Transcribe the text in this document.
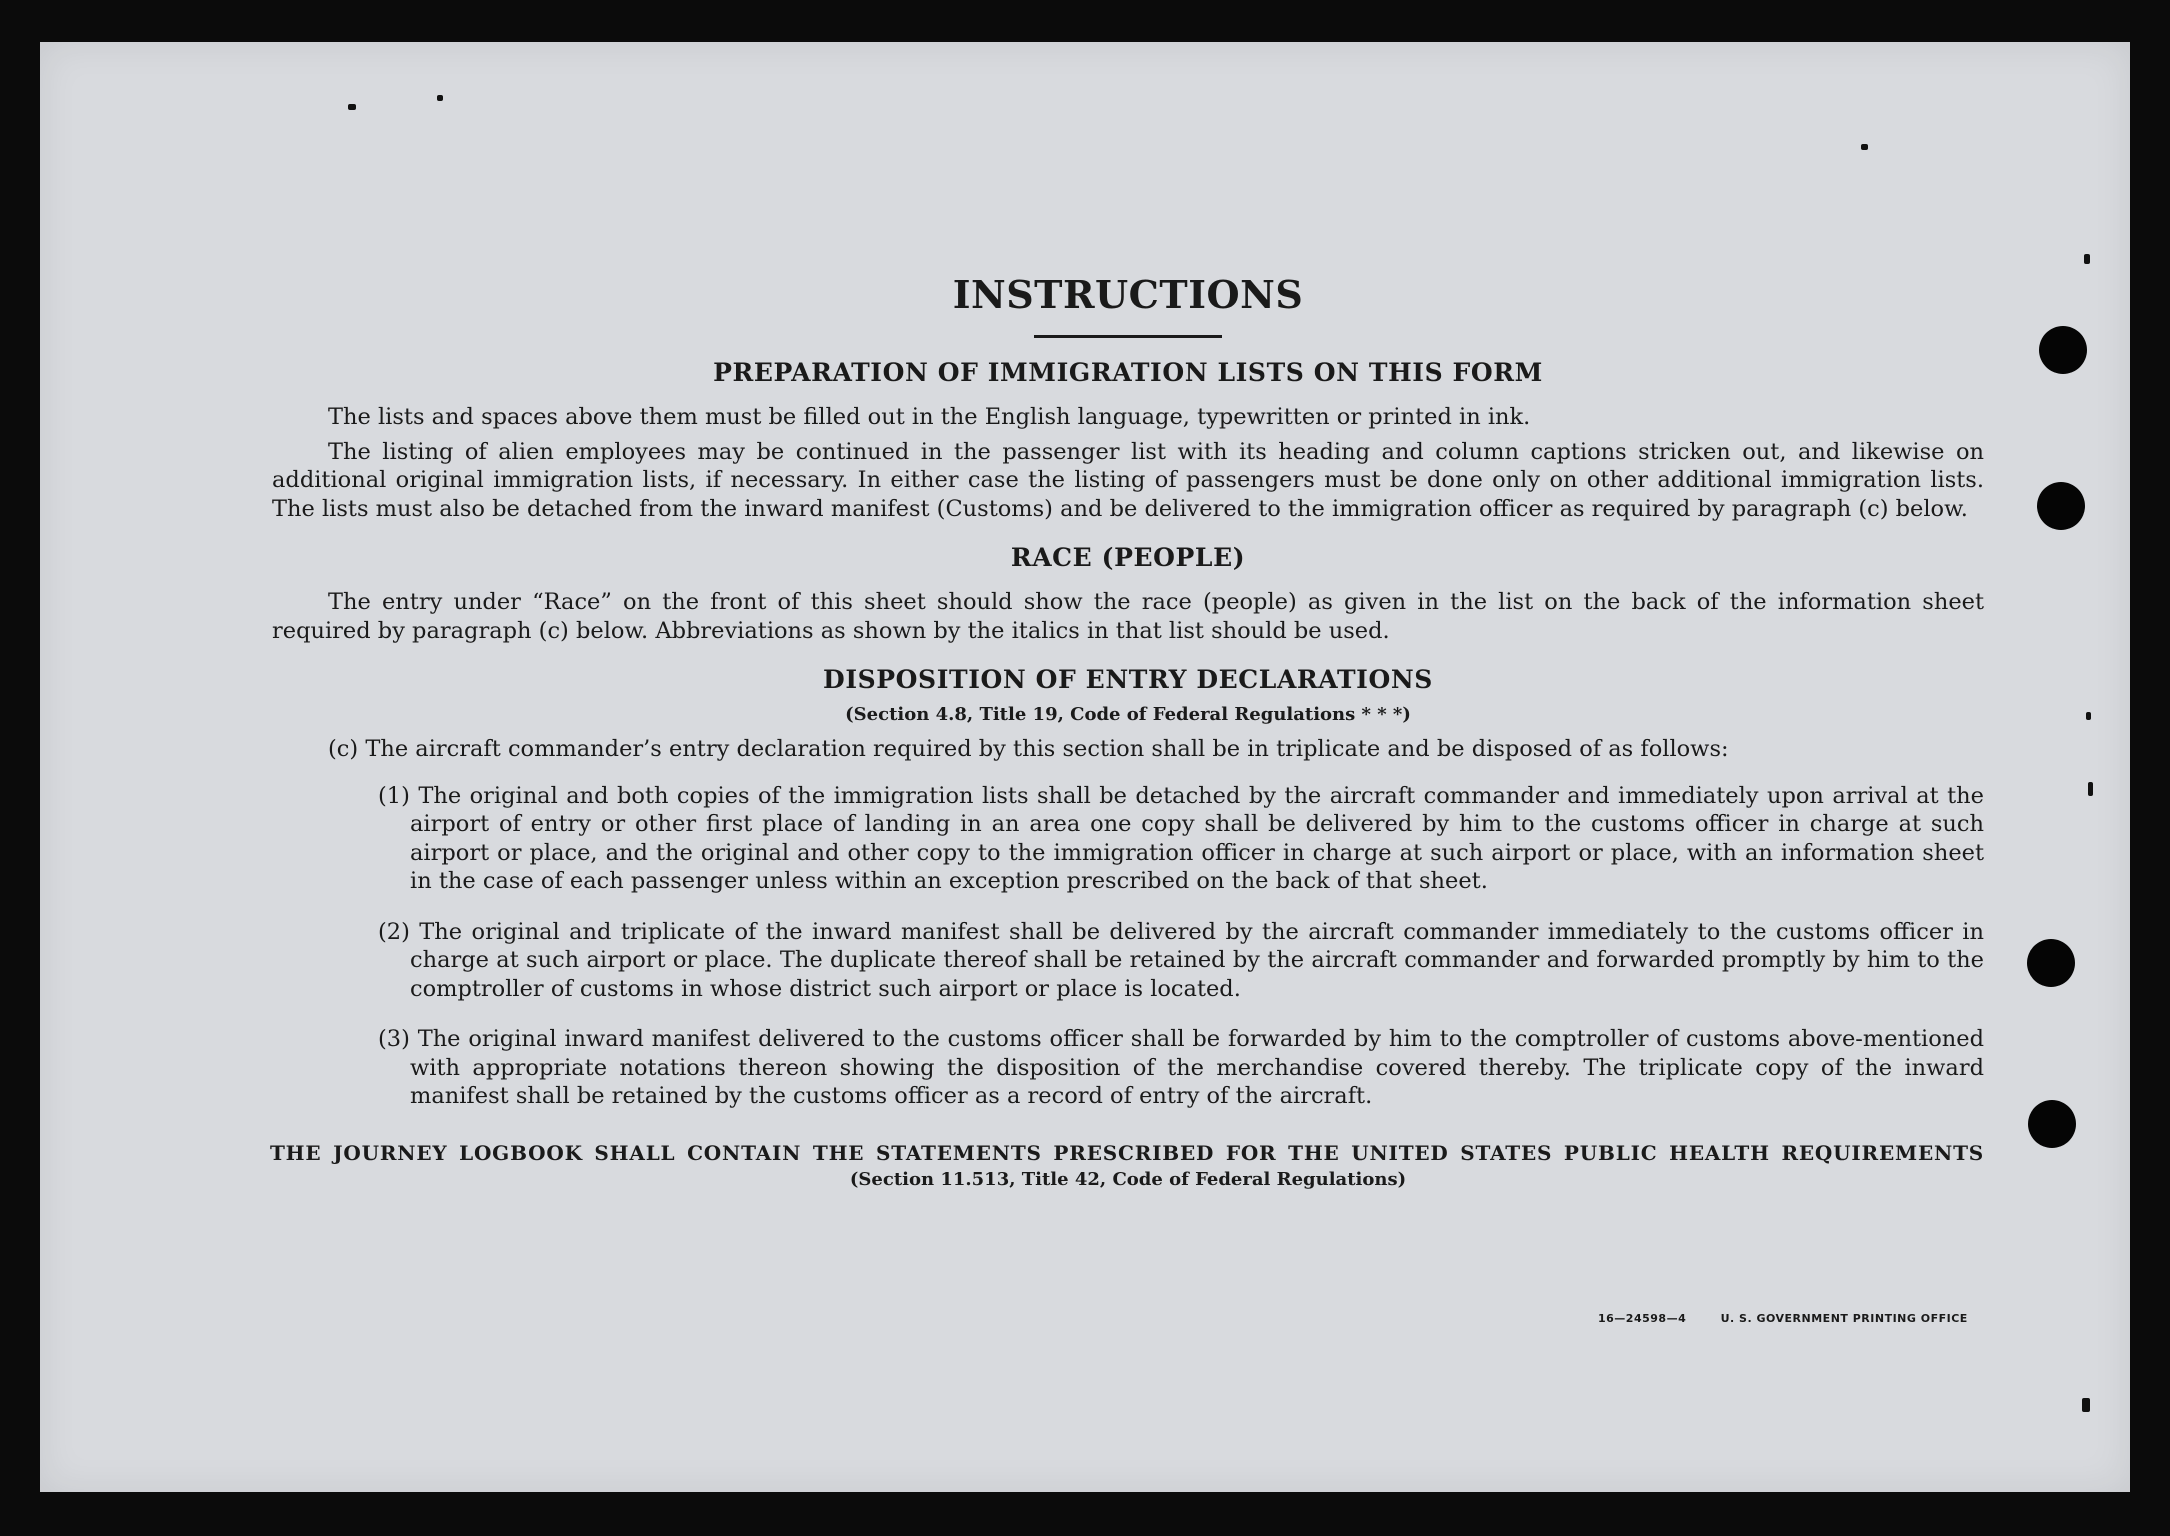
INSTRUCTIONS
PREPARATION OF IMMIGRATION LISTS ON THIS FORM

The lists and spaces above them must be filled out in the English language, typewritten or printed in ink.

The listing of alien employees may be continued in the passenger list with its heading and column captions stricken out, and likewise on additional original immigration lists, if necessary. In either case the listing of passengers must be done only on other additional immigration lists. The lists must also be detached from the inward manifest (Customs) and be delivered to the immigration officer as required by paragraph (c) below.

RACE (PEOPLE)

The entry under “Race” on the front of this sheet should show the race (people) as given in the list on the back of the information sheet required by paragraph (c) below. Abbreviations as shown by the italics in that list should be used.

DISPOSITION OF ENTRY DECLARATIONS
(Section 4.8, Title 19, Code of Federal Regulations * * *)
(c) The aircraft commander’s entry declaration required by this section shall be in triplicate and be disposed of as follows:
(1) The original and both copies of the immigration lists shall be detached by the aircraft commander and immediately upon arrival at the airport of entry or other first place of landing in an area one copy shall be delivered by him to the customs officer in charge at such airport or place, and the original and other copy to the immigration officer in charge at such airport or place, with an information sheet in the case of each passenger unless within an exception prescribed on the back of that sheet.
(2) The original and triplicate of the inward manifest shall be delivered by the aircraft commander immediately to the customs officer in charge at such airport or place. The duplicate thereof shall be retained by the aircraft commander and forwarded promptly by him to the comptroller of customs in whose district such airport or place is located.
(3) The original inward manifest delivered to the customs officer shall be forwarded by him to the comptroller of customs above-mentioned with appropriate notations thereon showing the disposition of the merchandise covered thereby. The triplicate copy of the inward manifest shall be retained by the customs officer as a record of entry of the aircraft.
THE JOURNEY LOGBOOK SHALL CONTAIN THE STATEMENTS PRESCRIBED FOR THE UNITED STATES PUBLIC HEALTH REQUIREMENTS
(Section 11.513, Title 42, Code of Federal Regulations)
16—24598—4	U. S. GOVERNMENT PRINTING OFFICE
